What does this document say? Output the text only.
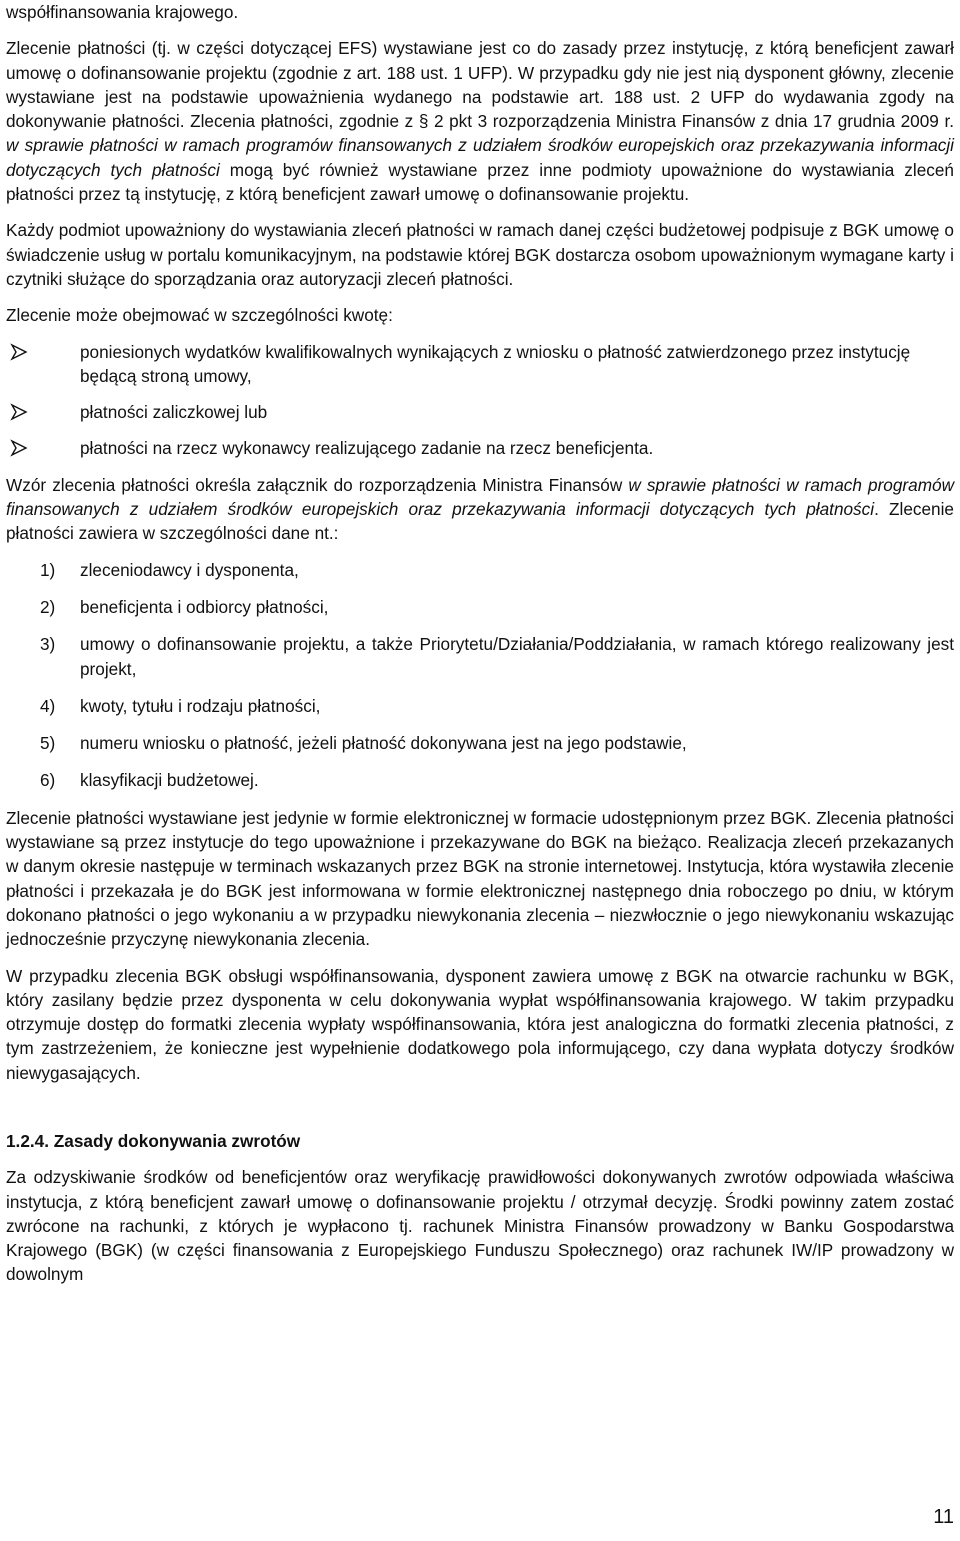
współfinansowania krajowego.

Zlecenie płatności (tj. w części dotyczącej EFS) wystawiane jest co do zasady przez instytucję, z którą beneficjent zawarł umowę o dofinansowanie projektu (zgodnie z art. 188 ust. 1 UFP). W przypadku gdy nie jest nią dysponent główny, zlecenie wystawiane jest na podstawie upoważnienia wydanego na podstawie art. 188 ust. 2 UFP do wydawania zgody na dokonywanie płatności. Zlecenia płatności, zgodnie z § 2 pkt 3 rozporządzenia Ministra Finansów z dnia 17 grudnia 2009 r. w sprawie płatności w ramach programów finansowanych z udziałem środków europejskich oraz przekazywania informacji dotyczących tych płatności mogą być również wystawiane przez inne podmioty upoważnione do wystawiania zleceń płatności przez tą instytucję, z którą beneficjent zawarł umowę o dofinansowanie projektu.

Każdy podmiot upoważniony do wystawiania zleceń płatności w ramach danej części budżetowej podpisuje z BGK umowę o świadczenie usług w portalu komunikacyjnym, na podstawie której BGK dostarcza osobom upoważnionym wymagane karty i czytniki służące do sporządzania oraz autoryzacji zleceń płatności.

Zlecenie może obejmować w szczególności kwotę:

poniesionych wydatków kwalifikowalnych wynikających z wniosku o płatność zatwierdzonego przez instytucję będącą stroną umowy,
płatności zaliczkowej lub
płatności na rzecz wykonawcy realizującego zadanie na rzecz beneficjenta.

Wzór zlecenia płatności określa załącznik do rozporządzenia Ministra Finansów w sprawie płatności w ramach programów finansowanych z udziałem środków europejskich oraz przekazywania informacji dotyczących tych płatności. Zlecenie płatności zawiera w szczególności dane nt.:

1) zleceniodawcy i dysponenta,
2) beneficjenta i odbiorcy płatności,
3) umowy o dofinansowanie projektu, a także Priorytetu/Działania/Poddziałania, w ramach którego realizowany jest projekt,
4) kwoty, tytułu i rodzaju płatności,
5) numeru wniosku o płatność, jeżeli płatność dokonywana jest na jego podstawie,
6) klasyfikacji budżetowej.

Zlecenie płatności wystawiane jest jedynie w formie elektronicznej w formacie udostępnionym przez BGK. Zlecenia płatności wystawiane są przez instytucje do tego upoważnione i przekazywane do BGK na bieżąco. Realizacja zleceń przekazanych w danym okresie następuje w terminach wskazanych przez BGK na stronie internetowej. Instytucja, która wystawiła zlecenie płatności i przekazała je do BGK jest informowana w formie elektronicznej następnego dnia roboczego po dniu, w którym dokonano płatności o jego wykonaniu a w przypadku niewykonania zlecenia – niezwłocznie o jego niewykonaniu wskazując jednocześnie przyczynę niewykonania zlecenia.

W przypadku zlecenia BGK obsługi współfinansowania, dysponent zawiera umowę z BGK na otwarcie rachunku w BGK, który zasilany będzie przez dysponenta w celu dokonywania wypłat współfinansowania krajowego. W takim przypadku otrzymuje dostęp do formatki zlecenia wypłaty współfinansowania, która jest analogiczna do formatki zlecenia płatności, z tym zastrzeżeniem, że konieczne jest wypełnienie dodatkowego pola informującego, czy dana wypłata dotyczy środków niewygasających.

1.2.4. Zasady dokonywania zwrotów

Za odzyskiwanie środków od beneficjentów oraz weryfikację prawidłowości dokonywanych zwrotów odpowiada właściwa instytucja, z którą beneficjent zawarł umowę o dofinansowanie projektu / otrzymał decyzję. Środki powinny zatem zostać zwrócone na rachunki, z których je wypłacono tj. rachunek Ministra Finansów prowadzony w Banku Gospodarstwa Krajowego (BGK) (w części finansowania z Europejskiego Funduszu Społecznego) oraz rachunek IW/IP prowadzony w dowolnym

11
